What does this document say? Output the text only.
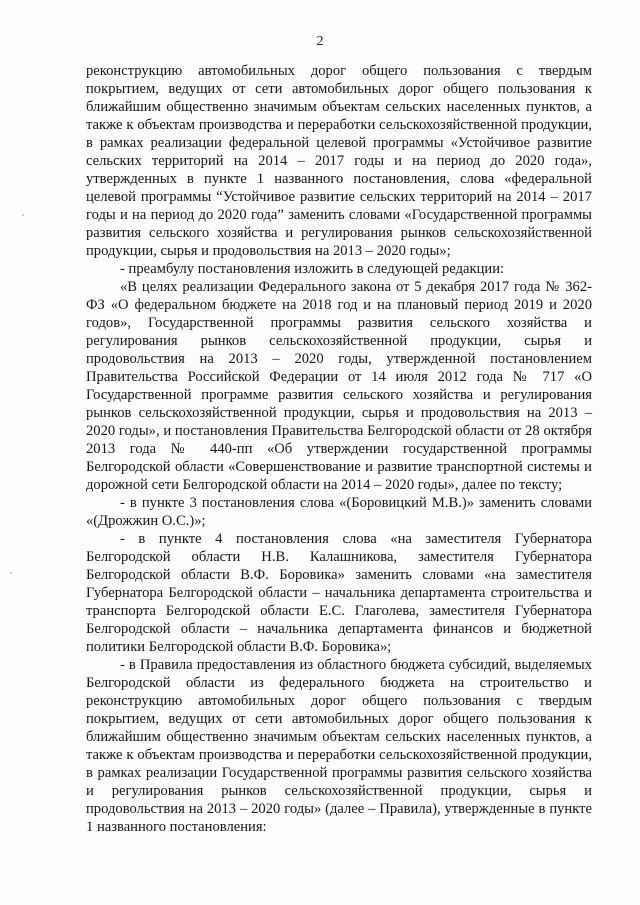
2

реконструкцию автомобильных дорог общего пользования с твердым покрытием, ведущих от сети автомобильных дорог общего пользования к ближайшим общественно значимым объектам сельских населенных пунктов, а также к объектам производства и переработки сельскохозяйственной продукции, в рамках реализации федеральной целевой программы «Устойчивое развитие сельских территорий на 2014 – 2017 годы и на период до 2020 года», утвержденных в пункте 1 названного постановления, слова «федеральной целевой программы “Устойчивое развитие сельских территорий на 2014 – 2017 годы и на период до 2020 года” заменить словами «Государственной программы развития сельского хозяйства и регулирования рынков сельскохозяйственной продукции, сырья и продовольствия на 2013 – 2020 годы»;

- преамбулу постановления изложить в следующей редакции:

«В целях реализации Федерального закона от 5 декабря 2017 года № 362-ФЗ «О федеральном бюджете на 2018 год и на плановый период 2019 и 2020 годов», Государственной программы развития сельского хозяйства и регулирования рынков сельскохозяйственной продукции, сырья и продовольствия на 2013 – 2020 годы, утвержденной постановлением Правительства Российской Федерации от 14 июля 2012 года № 717 «О Государственной программе развития сельского хозяйства и регулирования рынков сельскохозяйственной продукции, сырья и продовольствия на 2013 – 2020 годы», и постановления Правительства Белгородской области от 28 октября 2013 года № 440-пп «Об утверждении государственной программы Белгородской области «Совершенствование и развитие транспортной системы и дорожной сети Белгородской области на 2014 – 2020 годы», далее по тексту;

- в пункте 3 постановления слова «(Боровицкий М.В.)» заменить словами «(Дрожжин О.С.)»;

- в пункте 4 постановления слова «на заместителя Губернатора Белгородской области Н.В. Калашникова, заместителя Губернатора Белгородской области В.Ф. Боровика» заменить словами «на заместителя Губернатора Белгородской области – начальника департамента строительства и транспорта Белгородской области Е.С. Глаголева, заместителя Губернатора Белгородской области – начальника департамента финансов и бюджетной политики Белгородской области В.Ф. Боровика»;

- в Правила предоставления из областного бюджета субсидий, выделяемых Белгородской области из федерального бюджета на строительство и реконструкцию автомобильных дорог общего пользования с твердым покрытием, ведущих от сети автомобильных дорог общего пользования к ближайшим общественно значимым объектам сельских населенных пунктов, а также к объектам производства и переработки сельскохозяйственной продукции, в рамках реализации Государственной программы развития сельского хозяйства и регулирования рынков сельскохозяйственной продукции, сырья и продовольствия на 2013 – 2020 годы» (далее – Правила), утвержденные в пункте 1 названного постановления:
